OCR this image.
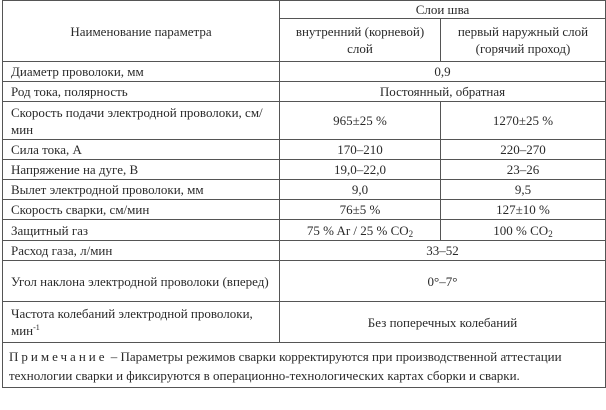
Наименование параметра	Слои шва	
	внутренний (корневой) слой	первый наружный слой (горячий проход)
Диаметр проволоки, мм	0,9	
Род тока, полярность	Постоянный, обратная	
Скорость подачи электродной проволоки, см/мин	965±25 %	1270±25 %
Сила тока, А	170–210	220–270
Напряжение на дуге, В	19,0–22,0	23–26
Вылет электродной проволоки, мм	9,0	9,5
Скорость сварки, см/мин	76±5 %	127±10 %
Защитный газ	75 % Ar / 25 % $CO_2$	100 % $CO_2$
Расход газа, л/мин	33–52	
Угол наклона электродной проволоки (вперед)	0°–7°	
Частота колебаний электродной проволоки, мин$^{-1}$	Без поперечных колебаний	
Примечание – Параметры режимов сварки корректируются при производственной аттестации технологии сварки и фиксируются в операционно-технологических картах сборки и сварки.		
